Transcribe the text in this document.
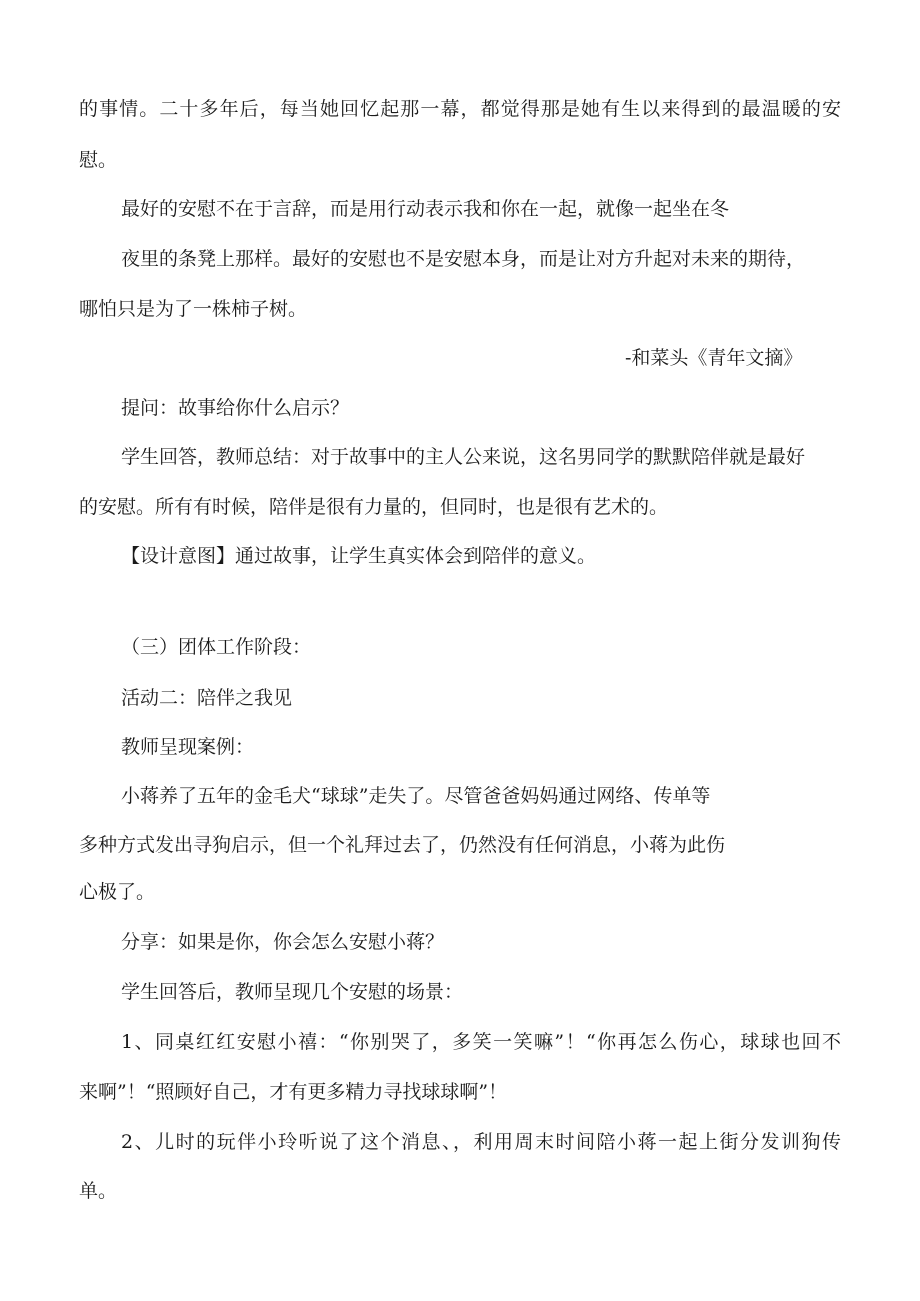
的事情。二十多年后，每当她回忆起那一幕，都觉得那是她有生以来得到的最温暖的安

慰。

最好的安慰不在于言辞，而是用行动表示我和你在一起，就像一起坐在冬

夜里的条凳上那样。最好的安慰也不是安慰本身，而是让对方升起对未来的期待，

哪怕只是为了一株柿子树。

-和菜头《青年文摘》

提问：故事给你什么启示？

学生回答，教师总结：对于故事中的主人公来说，这名男同学的默默陪伴就是最好

的安慰。所有有时候，陪伴是很有力量的，但同时，也是很有艺术的。

【设计意图】通过故事，让学生真实体会到陪伴的意义。

（三）团体工作阶段：

活动二：陪伴之我见

教师呈现案例：

小蒋养了五年的金毛犬“球球”走失了。尽管爸爸妈妈通过网络、传单等

多种方式发出寻狗启示，但一个礼拜过去了，仍然没有任何消息，小蒋为此伤

心极了。

分享：如果是你，你会怎么安慰小蒋？

学生回答后，教师呈现几个安慰的场景：

1、同桌红红安慰小禧：“你别哭了，多笑一笑嘛”！“你再怎么伤心，球球也回不

来啊”！“照顾好自己，才有更多精力寻找球球啊”！

2、儿时的玩伴小玲听说了这个消息、，利用周末时间陪小蒋一起上街分发训狗传

单。
